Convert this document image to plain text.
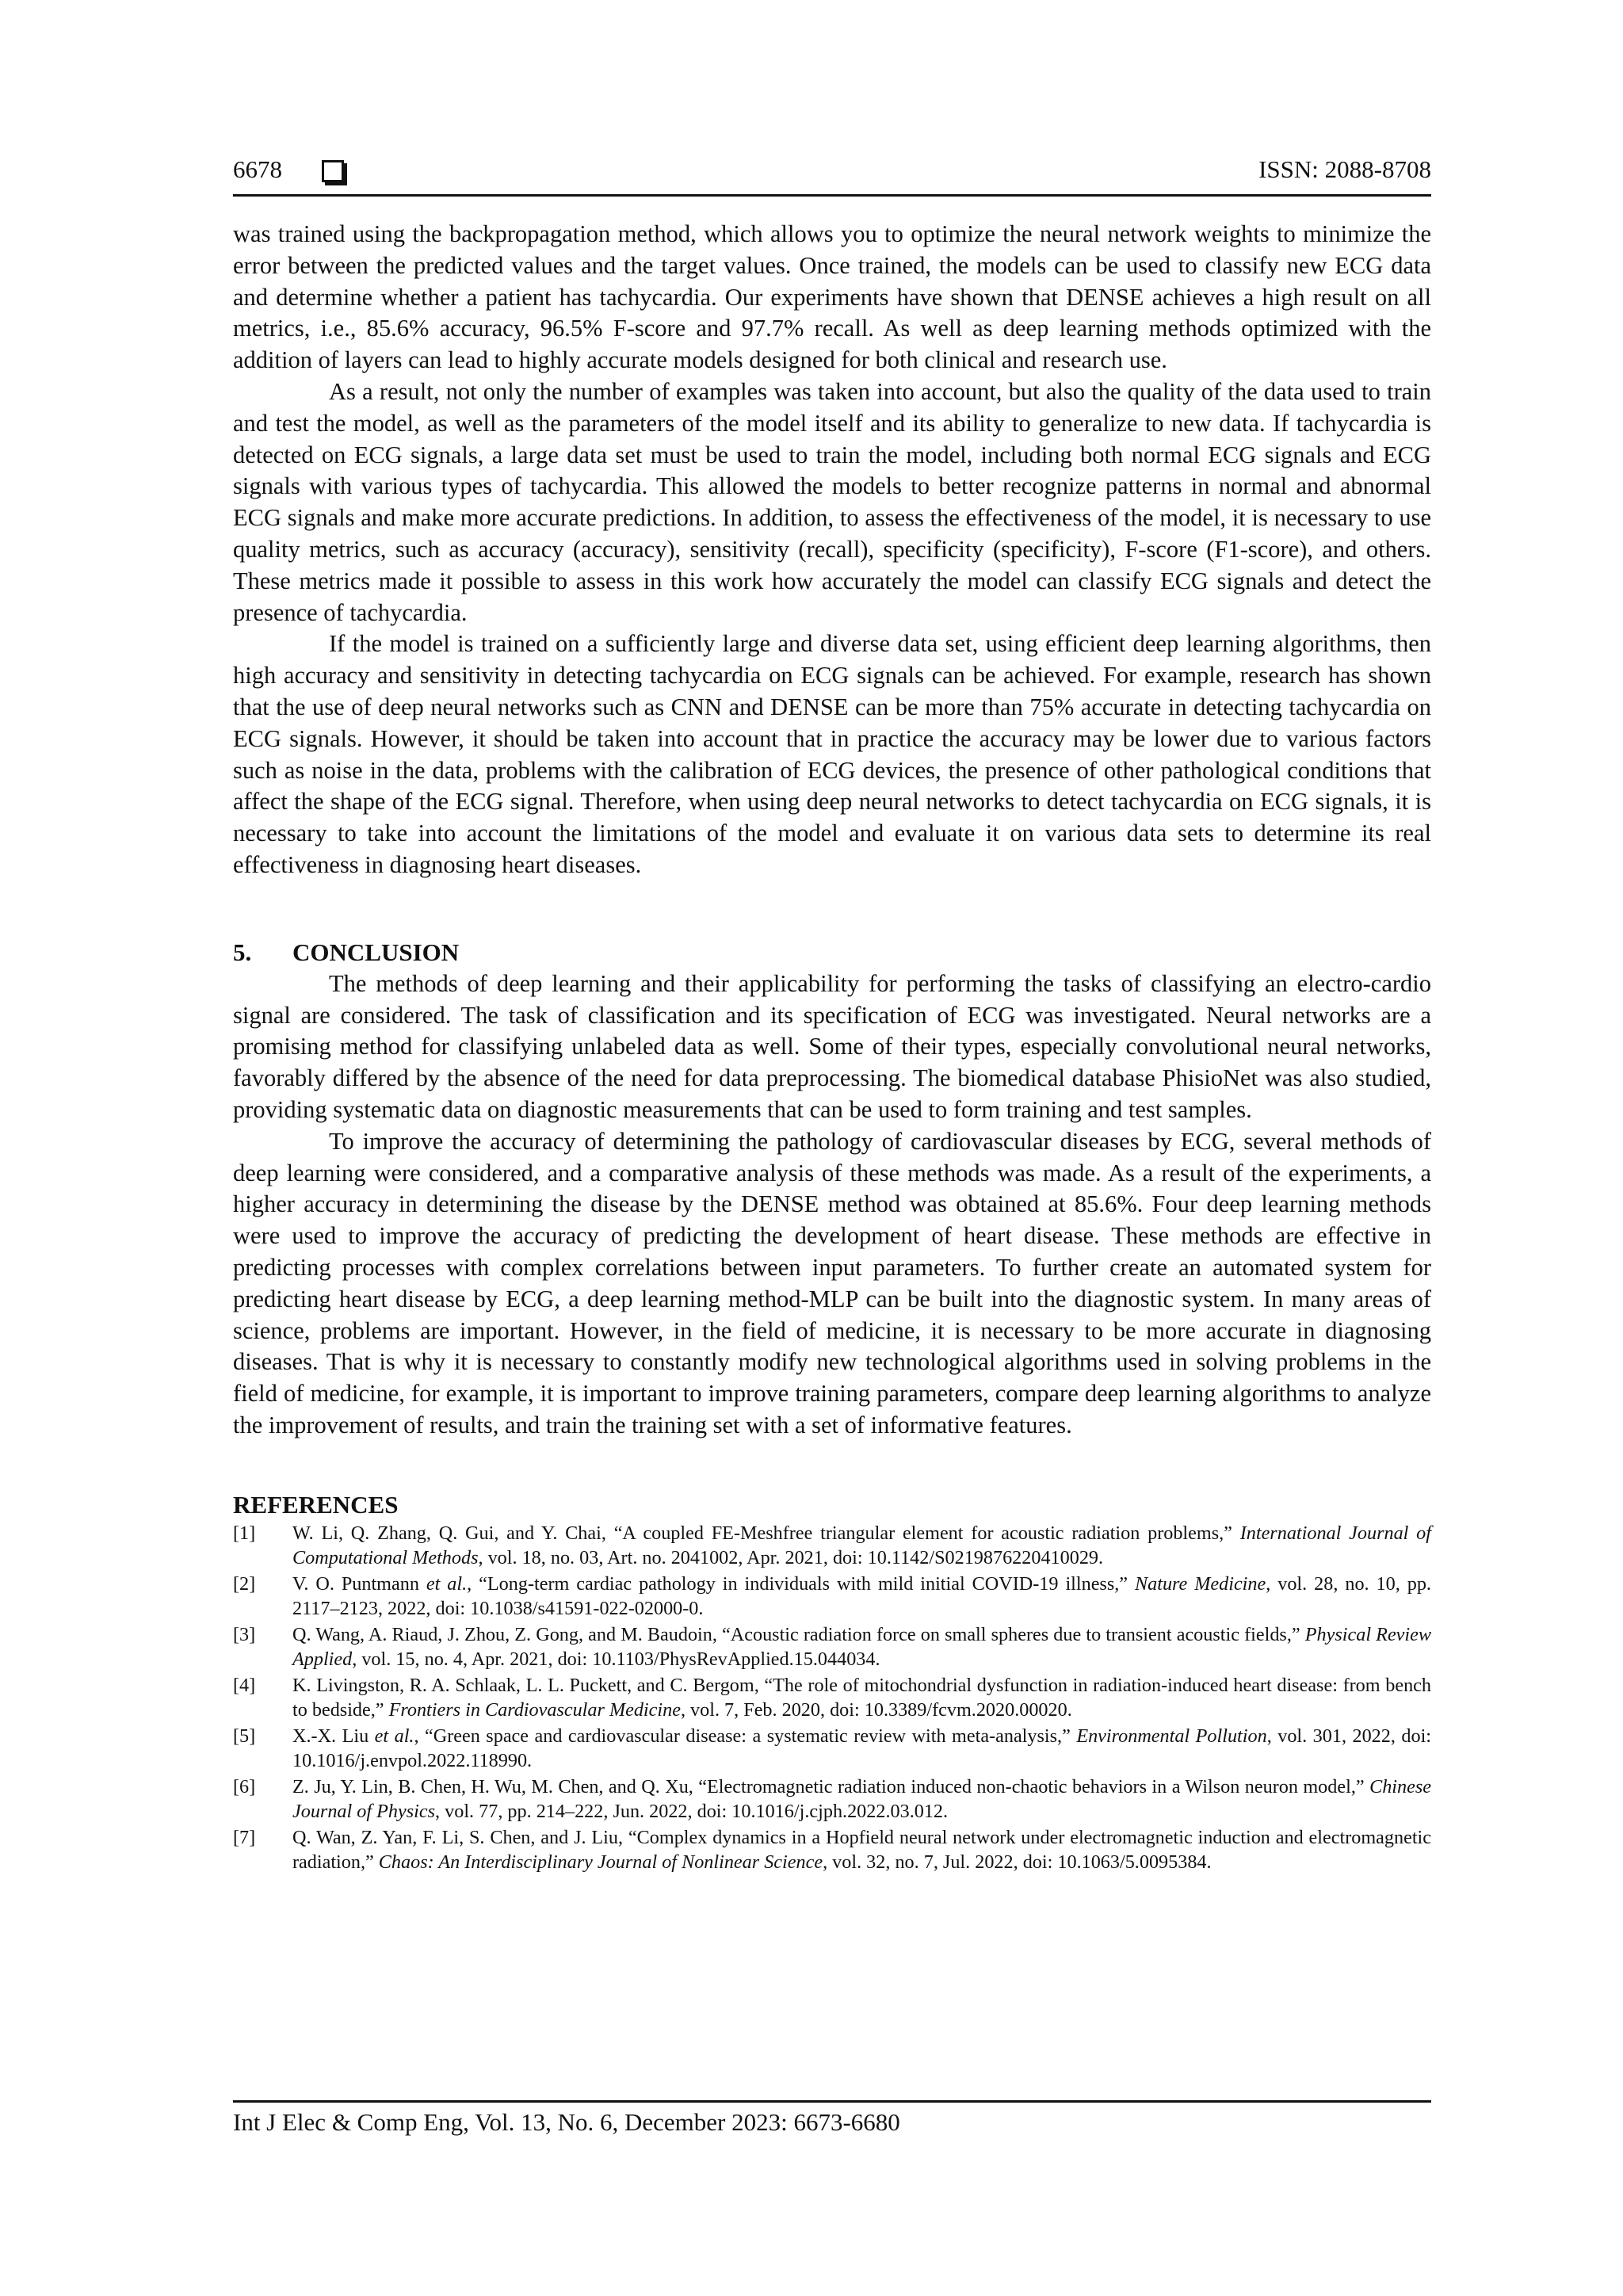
6678	ISSN: 2088-8708

was trained using the backpropagation method, which allows you to optimize the neural network weights to minimize the error between the predicted values and the target values. Once trained, the models can be used to classify new ECG data and determine whether a patient has tachycardia. Our experiments have shown that DENSE achieves a high result on all metrics, i.e., 85.6% accuracy, 96.5% F-score and 97.7% recall. As well as deep learning methods optimized with the addition of layers can lead to highly accurate models designed for both clinical and research use.

As a result, not only the number of examples was taken into account, but also the quality of the data used to train and test the model, as well as the parameters of the model itself and its ability to generalize to new data. If tachycardia is detected on ECG signals, a large data set must be used to train the model, including both normal ECG signals and ECG signals with various types of tachycardia. This allowed the models to better recognize patterns in normal and abnormal ECG signals and make more accurate predictions. In addition, to assess the effectiveness of the model, it is necessary to use quality metrics, such as accuracy (accuracy), sensitivity (recall), specificity (specificity), F-score (F1-score), and others. These metrics made it possible to assess in this work how accurately the model can classify ECG signals and detect the presence of tachycardia.

If the model is trained on a sufficiently large and diverse data set, using efficient deep learning algorithms, then high accuracy and sensitivity in detecting tachycardia on ECG signals can be achieved. For example, research has shown that the use of deep neural networks such as CNN and DENSE can be more than 75% accurate in detecting tachycardia on ECG signals. However, it should be taken into account that in practice the accuracy may be lower due to various factors such as noise in the data, problems with the calibration of ECG devices, the presence of other pathological conditions that affect the shape of the ECG signal. Therefore, when using deep neural networks to detect tachycardia on ECG signals, it is necessary to take into account the limitations of the model and evaluate it on various data sets to determine its real effectiveness in diagnosing heart diseases.

5. CONCLUSION

The methods of deep learning and their applicability for performing the tasks of classifying an electro-cardio signal are considered. The task of classification and its specification of ECG was investigated. Neural networks are a promising method for classifying unlabeled data as well. Some of their types, especially convolutional neural networks, favorably differed by the absence of the need for data preprocessing. The biomedical database PhisioNet was also studied, providing systematic data on diagnostic measurements that can be used to form training and test samples.

To improve the accuracy of determining the pathology of cardiovascular diseases by ECG, several methods of deep learning were considered, and a comparative analysis of these methods was made. As a result of the experiments, a higher accuracy in determining the disease by the DENSE method was obtained at 85.6%. Four deep learning methods were used to improve the accuracy of predicting the development of heart disease. These methods are effective in predicting processes with complex correlations between input parameters. To further create an automated system for predicting heart disease by ECG, a deep learning method-MLP can be built into the diagnostic system. In many areas of science, problems are important. However, in the field of medicine, it is necessary to be more accurate in diagnosing diseases. That is why it is necessary to constantly modify new technological algorithms used in solving problems in the field of medicine, for example, it is important to improve training parameters, compare deep learning algorithms to analyze the improvement of results, and train the training set with a set of informative features.

REFERENCES
[1] W. Li, Q. Zhang, Q. Gui, and Y. Chai, “A coupled FE-Meshfree triangular element for acoustic radiation problems,” International Journal of Computational Methods, vol. 18, no. 03, Art. no. 2041002, Apr. 2021, doi: 10.1142/S0219876220410029.
[2] V. O. Puntmann et al., “Long-term cardiac pathology in individuals with mild initial COVID-19 illness,” Nature Medicine, vol. 28, no. 10, pp. 2117–2123, 2022, doi: 10.1038/s41591-022-02000-0.
[3] Q. Wang, A. Riaud, J. Zhou, Z. Gong, and M. Baudoin, “Acoustic radiation force on small spheres due to transient acoustic fields,” Physical Review Applied, vol. 15, no. 4, Apr. 2021, doi: 10.1103/PhysRevApplied.15.044034.
[4] K. Livingston, R. A. Schlaak, L. L. Puckett, and C. Bergom, “The role of mitochondrial dysfunction in radiation-induced heart disease: from bench to bedside,” Frontiers in Cardiovascular Medicine, vol. 7, Feb. 2020, doi: 10.3389/fcvm.2020.00020.
[5] X.-X. Liu et al., “Green space and cardiovascular disease: a systematic review with meta-analysis,” Environmental Pollution, vol. 301, 2022, doi: 10.1016/j.envpol.2022.118990.
[6] Z. Ju, Y. Lin, B. Chen, H. Wu, M. Chen, and Q. Xu, “Electromagnetic radiation induced non-chaotic behaviors in a Wilson neuron model,” Chinese Journal of Physics, vol. 77, pp. 214–222, Jun. 2022, doi: 10.1016/j.cjph.2022.03.012.
[7] Q. Wan, Z. Yan, F. Li, S. Chen, and J. Liu, “Complex dynamics in a Hopfield neural network under electromagnetic induction and electromagnetic radiation,” Chaos: An Interdisciplinary Journal of Nonlinear Science, vol. 32, no. 7, Jul. 2022, doi: 10.1063/5.0095384.
Int J Elec & Comp Eng, Vol. 13, No. 6, December 2023: 6673-6680
